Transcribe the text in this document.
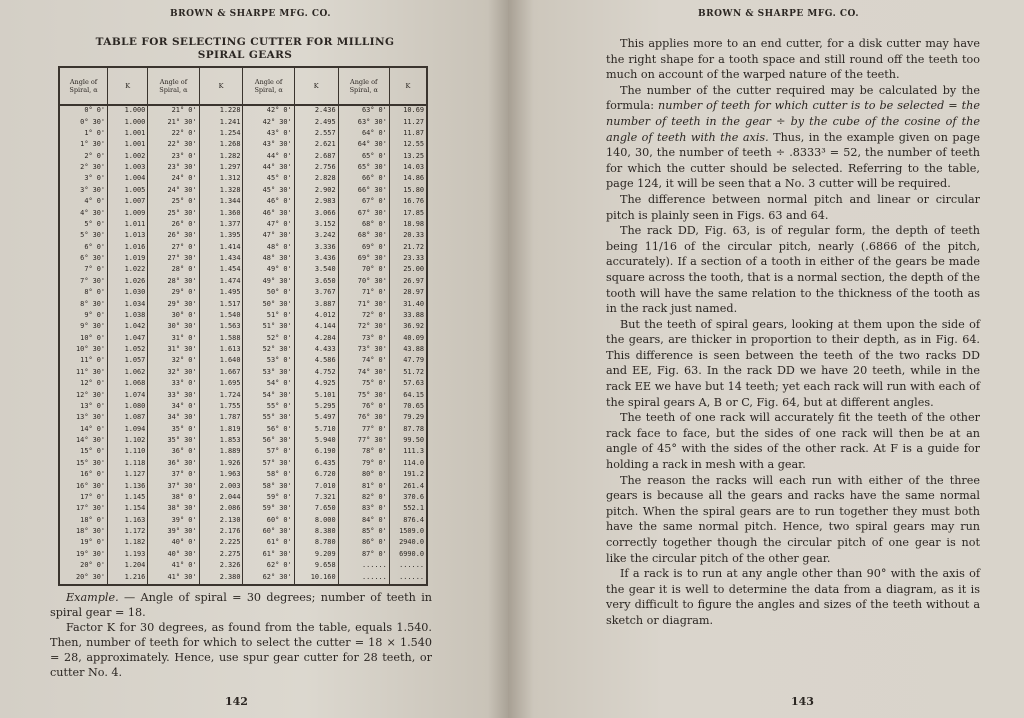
BROWN & SHARPE MFG. CO.
TABLE FOR SELECTING CUTTER FOR MILLING
SPIRAL GEARS
Angle of Spiral, α	K	Angle of Spiral, α	K	Angle of Spiral, α	K	Angle of Spiral, α	K
0° 0'	1.000	21° 0'	1.228	42° 0'	2.436	63° 0'	10.69
0° 30'	1.000	21° 30'	1.241	42° 30'	2.495	63° 30'	11.27
1° 0'	1.001	22° 0'	1.254	43° 0'	2.557	64° 0'	11.87
1° 30'	1.001	22° 30'	1.268	43° 30'	2.621	64° 30'	12.55
2° 0'	1.002	23° 0'	1.282	44° 0'	2.687	65° 0'	13.25
2° 30'	1.003	23° 30'	1.297	44° 30'	2.756	65° 30'	14.03
3° 0'	1.004	24° 0'	1.312	45° 0'	2.828	66° 0'	14.86
3° 30'	1.005	24° 30'	1.328	45° 30'	2.902	66° 30'	15.80
4° 0'	1.007	25° 0'	1.344	46° 0'	2.983	67° 0'	16.76
4° 30'	1.009	25° 30'	1.360	46° 30'	3.066	67° 30'	17.85
5° 0'	1.011	26° 0'	1.377	47° 0'	3.152	68° 0'	18.98
5° 30'	1.013	26° 30'	1.395	47° 30'	3.242	68° 30'	20.33
6° 0'	1.016	27° 0'	1.414	48° 0'	3.336	69° 0'	21.72
6° 30'	1.019	27° 30'	1.434	48° 30'	3.436	69° 30'	23.33
7° 0'	1.022	28° 0'	1.454	49° 0'	3.540	70° 0'	25.00
7° 30'	1.026	28° 30'	1.474	49° 30'	3.650	70° 30'	26.97
8° 0'	1.030	29° 0'	1.495	50° 0'	3.767	71° 0'	28.97
8° 30'	1.034	29° 30'	1.517	50° 30'	3.887	71° 30'	31.40
9° 0'	1.038	30° 0'	1.540	51° 0'	4.012	72° 0'	33.88
9° 30'	1.042	30° 30'	1.563	51° 30'	4.144	72° 30'	36.92
10° 0'	1.047	31° 0'	1.588	52° 0'	4.284	73° 0'	40.09
10° 30'	1.052	31° 30'	1.613	52° 30'	4.433	73° 30'	43.88
11° 0'	1.057	32° 0'	1.640	53° 0'	4.586	74° 0'	47.79
11° 30'	1.062	32° 30'	1.667	53° 30'	4.752	74° 30'	51.72
12° 0'	1.068	33° 0'	1.695	54° 0'	4.925	75° 0'	57.63
12° 30'	1.074	33° 30'	1.724	54° 30'	5.101	75° 30'	64.15
13° 0'	1.080	34° 0'	1.755	55° 0'	5.295	76° 0'	70.65
13° 30'	1.087	34° 30'	1.787	55° 30'	5.497	76° 30'	79.29
14° 0'	1.094	35° 0'	1.819	56° 0'	5.710	77° 0'	87.78
14° 30'	1.102	35° 30'	1.853	56° 30'	5.940	77° 30'	99.50
15° 0'	1.110	36° 0'	1.889	57° 0'	6.190	78° 0'	111.3
15° 30'	1.118	36° 30'	1.926	57° 30'	6.435	79° 0'	114.0
16° 0'	1.127	37° 0'	1.963	58° 0'	6.720	80° 0'	191.2
16° 30'	1.136	37° 30'	2.003	58° 30'	7.010	81° 0'	261.4
17° 0'	1.145	38° 0'	2.044	59° 0'	7.321	82° 0'	370.6
17° 30'	1.154	38° 30'	2.086	59° 30'	7.650	83° 0'	552.1
18° 0'	1.163	39° 0'	2.130	60° 0'	8.000	84° 0'	876.4
18° 30'	1.172	39° 30'	2.176	60° 30'	8.380	85° 0'	1509.0
19° 0'	1.182	40° 0'	2.225	61° 0'	8.780	86° 0'	2940.0
19° 30'	1.193	40° 30'	2.275	61° 30'	9.209	87° 0'	6990.0
20° 0'	1.204	41° 0'	2.326	62° 0'	9.658	......	......
20° 30'	1.216	41° 30'	2.380	62° 30'	10.160	......	......

Example. — Angle of spiral = 30 degrees; number of teeth in spiral gear = 18.

Factor K for 30 degrees, as found from the table, equals 1.540. Then, number of teeth for which to select the cutter = 18 × 1.540 = 28, approximately. Hence, use spur gear cutter for 28 teeth, or cutter No. 4.

142
BROWN & SHARPE MFG. CO.

This applies more to an end cutter, for a disk cutter may have the right shape for a tooth space and still round off the teeth too much on account of the warped nature of the teeth.

The number of the cutter required may be calculated by the formula: number of teeth for which cutter is to be selected = the number of teeth in the gear ÷ by the cube of the cosine of the angle of teeth with the axis. Thus, in the example given on page 140, 30, the number of teeth ÷ .8333³ = 52, the number of teeth for which the cutter should be selected. Referring to the table, page 124, it will be seen that a No. 3 cutter will be required.

The difference between normal pitch and linear or circular pitch is plainly seen in Figs. 63 and 64.

The rack DD, Fig. 63, is of regular form, the depth of teeth being 11/16 of the circular pitch, nearly (.6866 of the pitch, accurately). If a section of a tooth in either of the gears be made square across the tooth, that is a normal section, the depth of the tooth will have the same relation to the thickness of the tooth as in the rack just named.

But the teeth of spiral gears, looking at them upon the side of the gears, are thicker in proportion to their depth, as in Fig. 64. This difference is seen between the teeth of the two racks DD and EE, Fig. 63. In the rack DD we have 20 teeth, while in the rack EE we have but 14 teeth; yet each rack will run with each of the spiral gears A, B or C, Fig. 64, but at different angles.

The teeth of one rack will accurately fit the teeth of the other rack face to face, but the sides of one rack will then be at an angle of 45° with the sides of the other rack. At F is a guide for holding a rack in mesh with a gear.

The reason the racks will each run with either of the three gears is because all the gears and racks have the same normal pitch. When the spiral gears are to run together they must both have the same normal pitch. Hence, two spiral gears may run correctly together though the circular pitch of one gear is not like the circular pitch of the other gear.

If a rack is to run at any angle other than 90° with the axis of the gear it is well to determine the data from a diagram, as it is very difficult to figure the angles and sizes of the teeth without a sketch or diagram.

143
